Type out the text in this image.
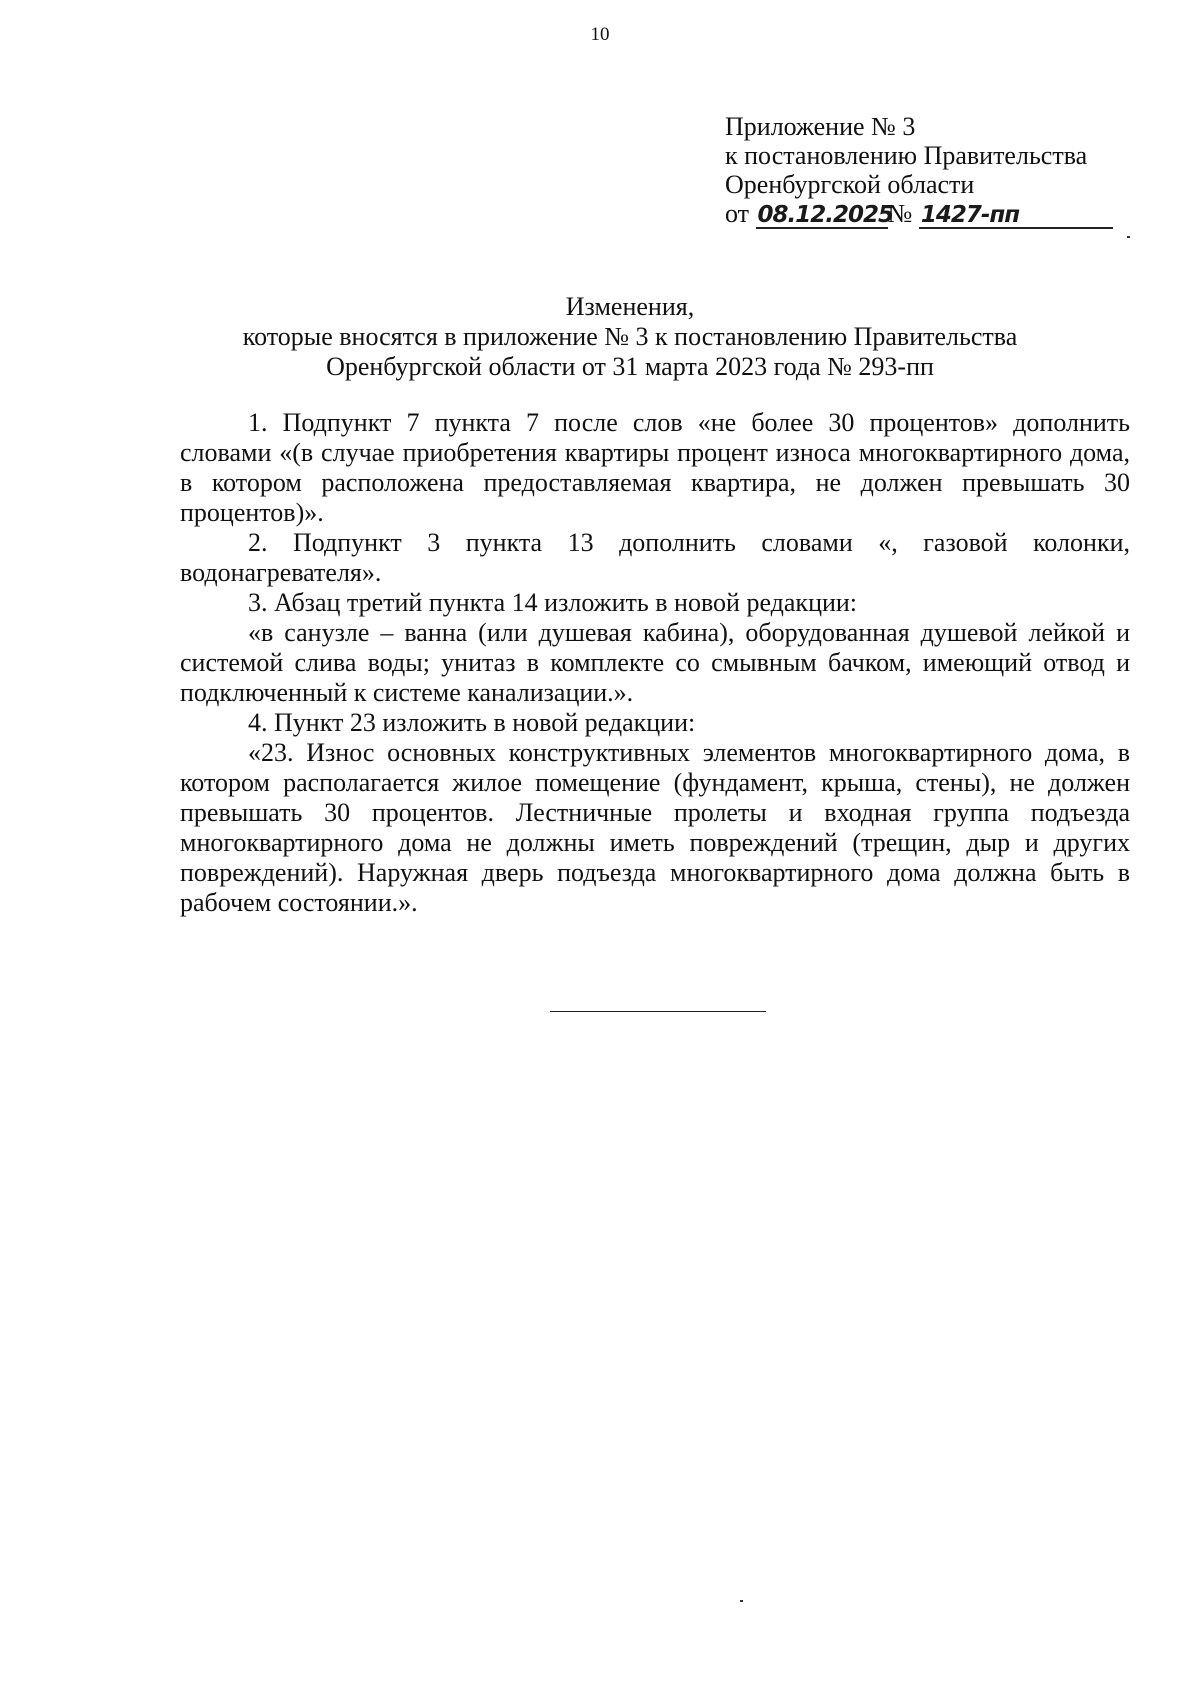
10
Приложение № 3
к постановлению Правительства
Оренбургской области
от 08.12.2025№ 1427-пп
Изменения,
которые вносятся в приложение № 3 к постановлению Правительства
Оренбургской области от 31 марта 2023 года № 293-пп

1. Подпункт 7 пункта 7 после слов «не более 30 процентов» дополнить словами «(в случае приобретения квартиры процент износа многоквартирного дома, в котором расположена предоставляемая квартира, не должен превышать 30 процентов)».

2. Подпункт 3 пункта 13 дополнить словами «, газовой колонки, водонагревателя».

3. Абзац третий пункта 14 изложить в новой редакции:

«в санузле – ванна (или душевая кабина), оборудованная душевой лейкой и системой слива воды; унитаз в комплекте со смывным бачком, имеющий отвод и подключенный к системе канализации.».

4. Пункт 23 изложить в новой редакции:

«23. Износ основных конструктивных элементов многоквартирного дома, в котором располагается жилое помещение (фундамент, крыша, стены), не должен превышать 30 процентов. Лестничные пролеты и входная группа подъезда многоквартирного дома не должны иметь повреждений (трещин, дыр и других повреждений). Наружная дверь подъезда многоквартирного дома должна быть в рабочем состоянии.».
